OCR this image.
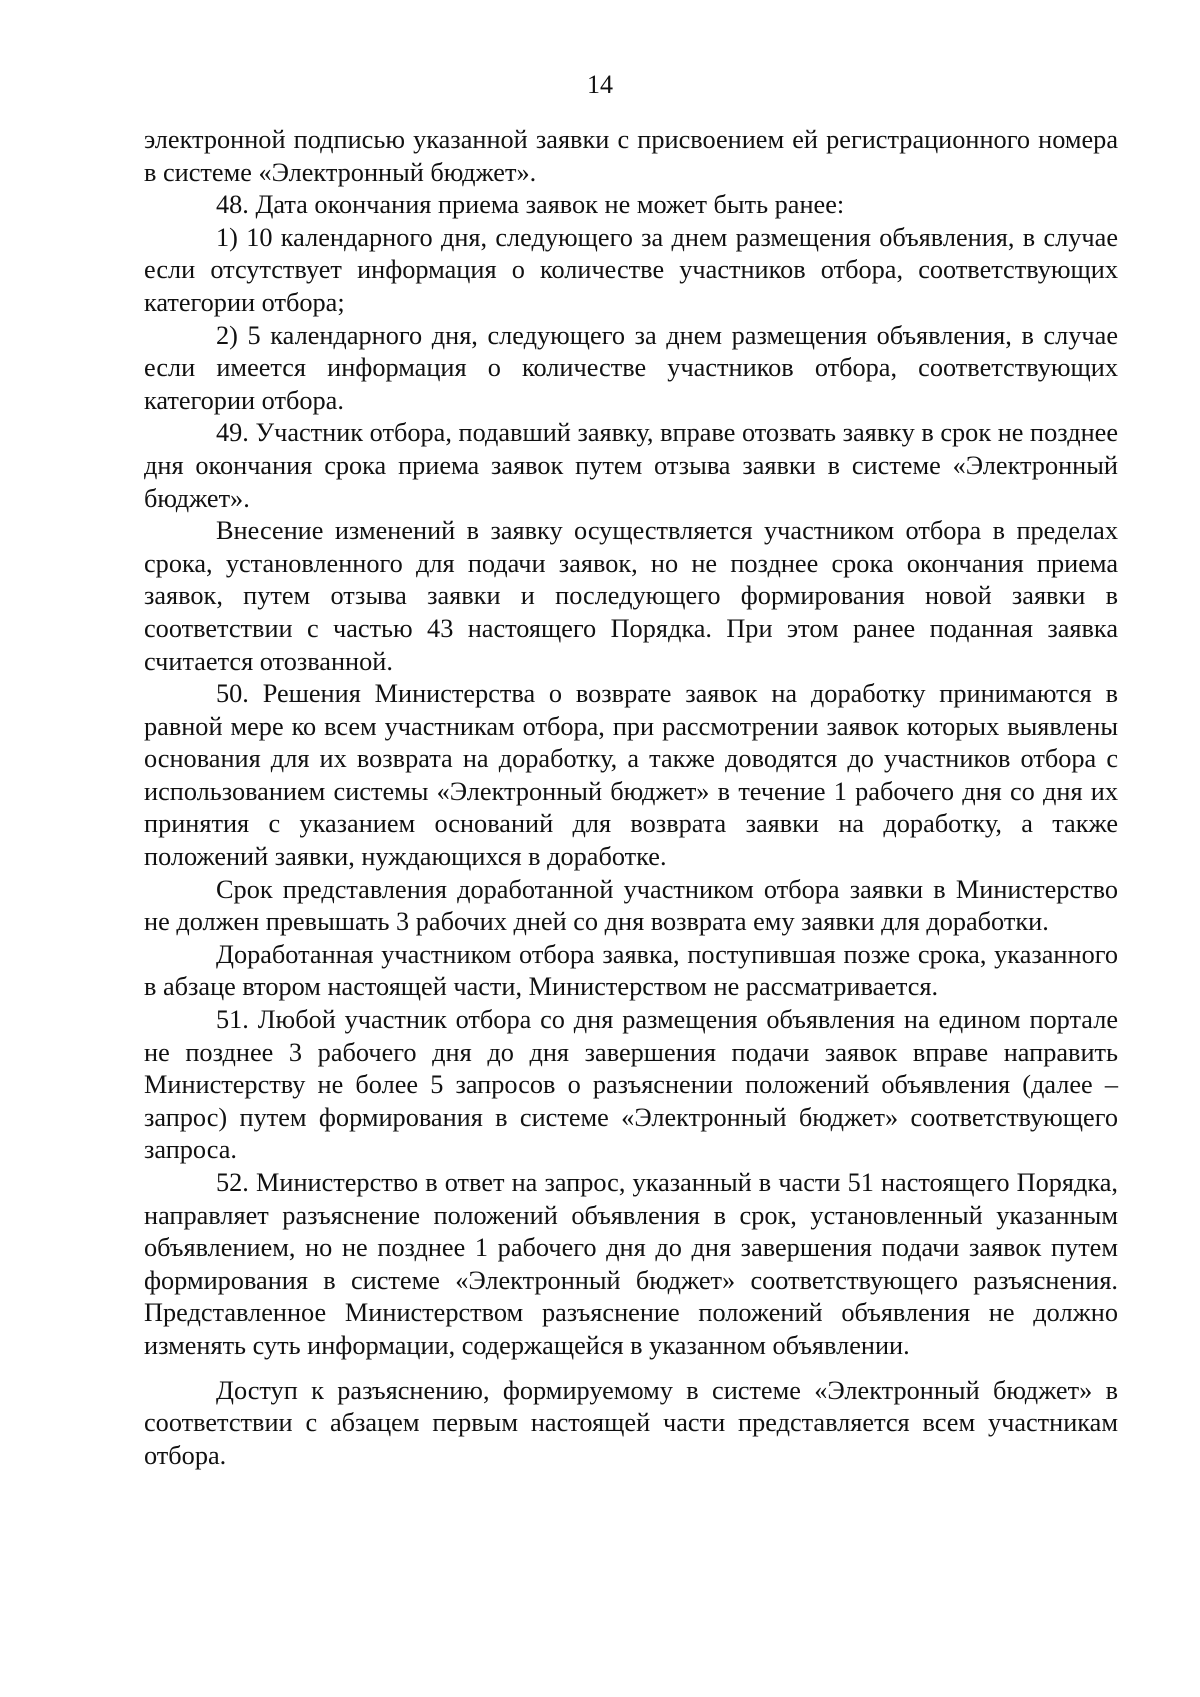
14

электронной подписью указанной заявки с присвоением ей регистрационного номера в системе «Электронный бюджет».

48. Дата окончания приема заявок не может быть ранее:

1) 10 календарного дня, следующего за днем размещения объявления, в случае если отсутствует информация о количестве участников отбора, соответствующих категории отбора;

2) 5 календарного дня, следующего за днем размещения объявления, в случае если имеется информация о количестве участников отбора, соответствующих категории отбора.

49. Участник отбора, подавший заявку, вправе отозвать заявку в срок не позднее дня окончания срока приема заявок путем отзыва заявки в системе «Электронный бюджет».

Внесение изменений в заявку осуществляется участником отбора в пределах срока, установленного для подачи заявок, но не позднее срока окончания приема заявок, путем отзыва заявки и последующего формирования новой заявки в соответствии с частью 43 настоящего Порядка. При этом ранее поданная заявка считается отозванной.

50. Решения Министерства о возврате заявок на доработку принимаются в равной мере ко всем участникам отбора, при рассмотрении заявок которых выявлены основания для их возврата на доработку, а также доводятся до участников отбора с использованием системы «Электронный бюджет» в течение 1 рабочего дня со дня их принятия с указанием оснований для возврата заявки на доработку, а также положений заявки, нуждающихся в доработке.

Срок представления доработанной участником отбора заявки в Министерство не должен превышать 3 рабочих дней со дня возврата ему заявки для доработки.

Доработанная участником отбора заявка, поступившая позже срока, указанного в абзаце втором настоящей части, Министерством не рассматривается.

51. Любой участник отбора со дня размещения объявления на едином портале не позднее 3 рабочего дня до дня завершения подачи заявок вправе направить Министерству не более 5 запросов о разъяснении положений объявления (далее – запрос) путем формирования в системе «Электронный бюджет» соответствующего запроса.

52. Министерство в ответ на запрос, указанный в части 51 настоящего Порядка, направляет разъяснение положений объявления в срок, установленный указанным объявлением, но не позднее 1 рабочего дня до дня завершения подачи заявок путем формирования в системе «Электронный бюджет» соответствующего разъяснения. Представленное Министерством разъяснение положений объявления не должно изменять суть информации, содержащейся в указанном объявлении.

Доступ к разъяснению, формируемому в системе «Электронный бюджет» в соответствии с абзацем первым настоящей части представляется всем участникам отбора.
